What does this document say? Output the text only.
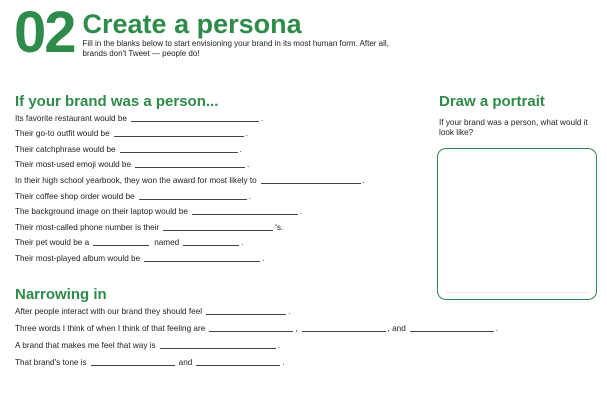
02 Create a persona
Fill in the blanks below to start envisioning your brand in its most human form. After all, brands don't Tweet — people do!
If your brand was a person...
Its favorite restaurant would be	.
Their go-to outfit would be	.
Their catchphrase would be	.
Their most-used emoji would be	.
In their high school yearbook, they won the award for most likely to	.
Their coffee shop order would be	.
The background image on their laptop would be	.
Their most-called phone number is their	's.
Their pet would be a	named	.
Their most-played album would be	.
Draw a portrait
If your brand was a person, what would it look like?
Narrowing in
After people interact with our brand they should feel	.
Three words I think of when I think of that feeling are	,	, and	.
A brand that makes me feel that way is	.
That brand's tone is	and	.
